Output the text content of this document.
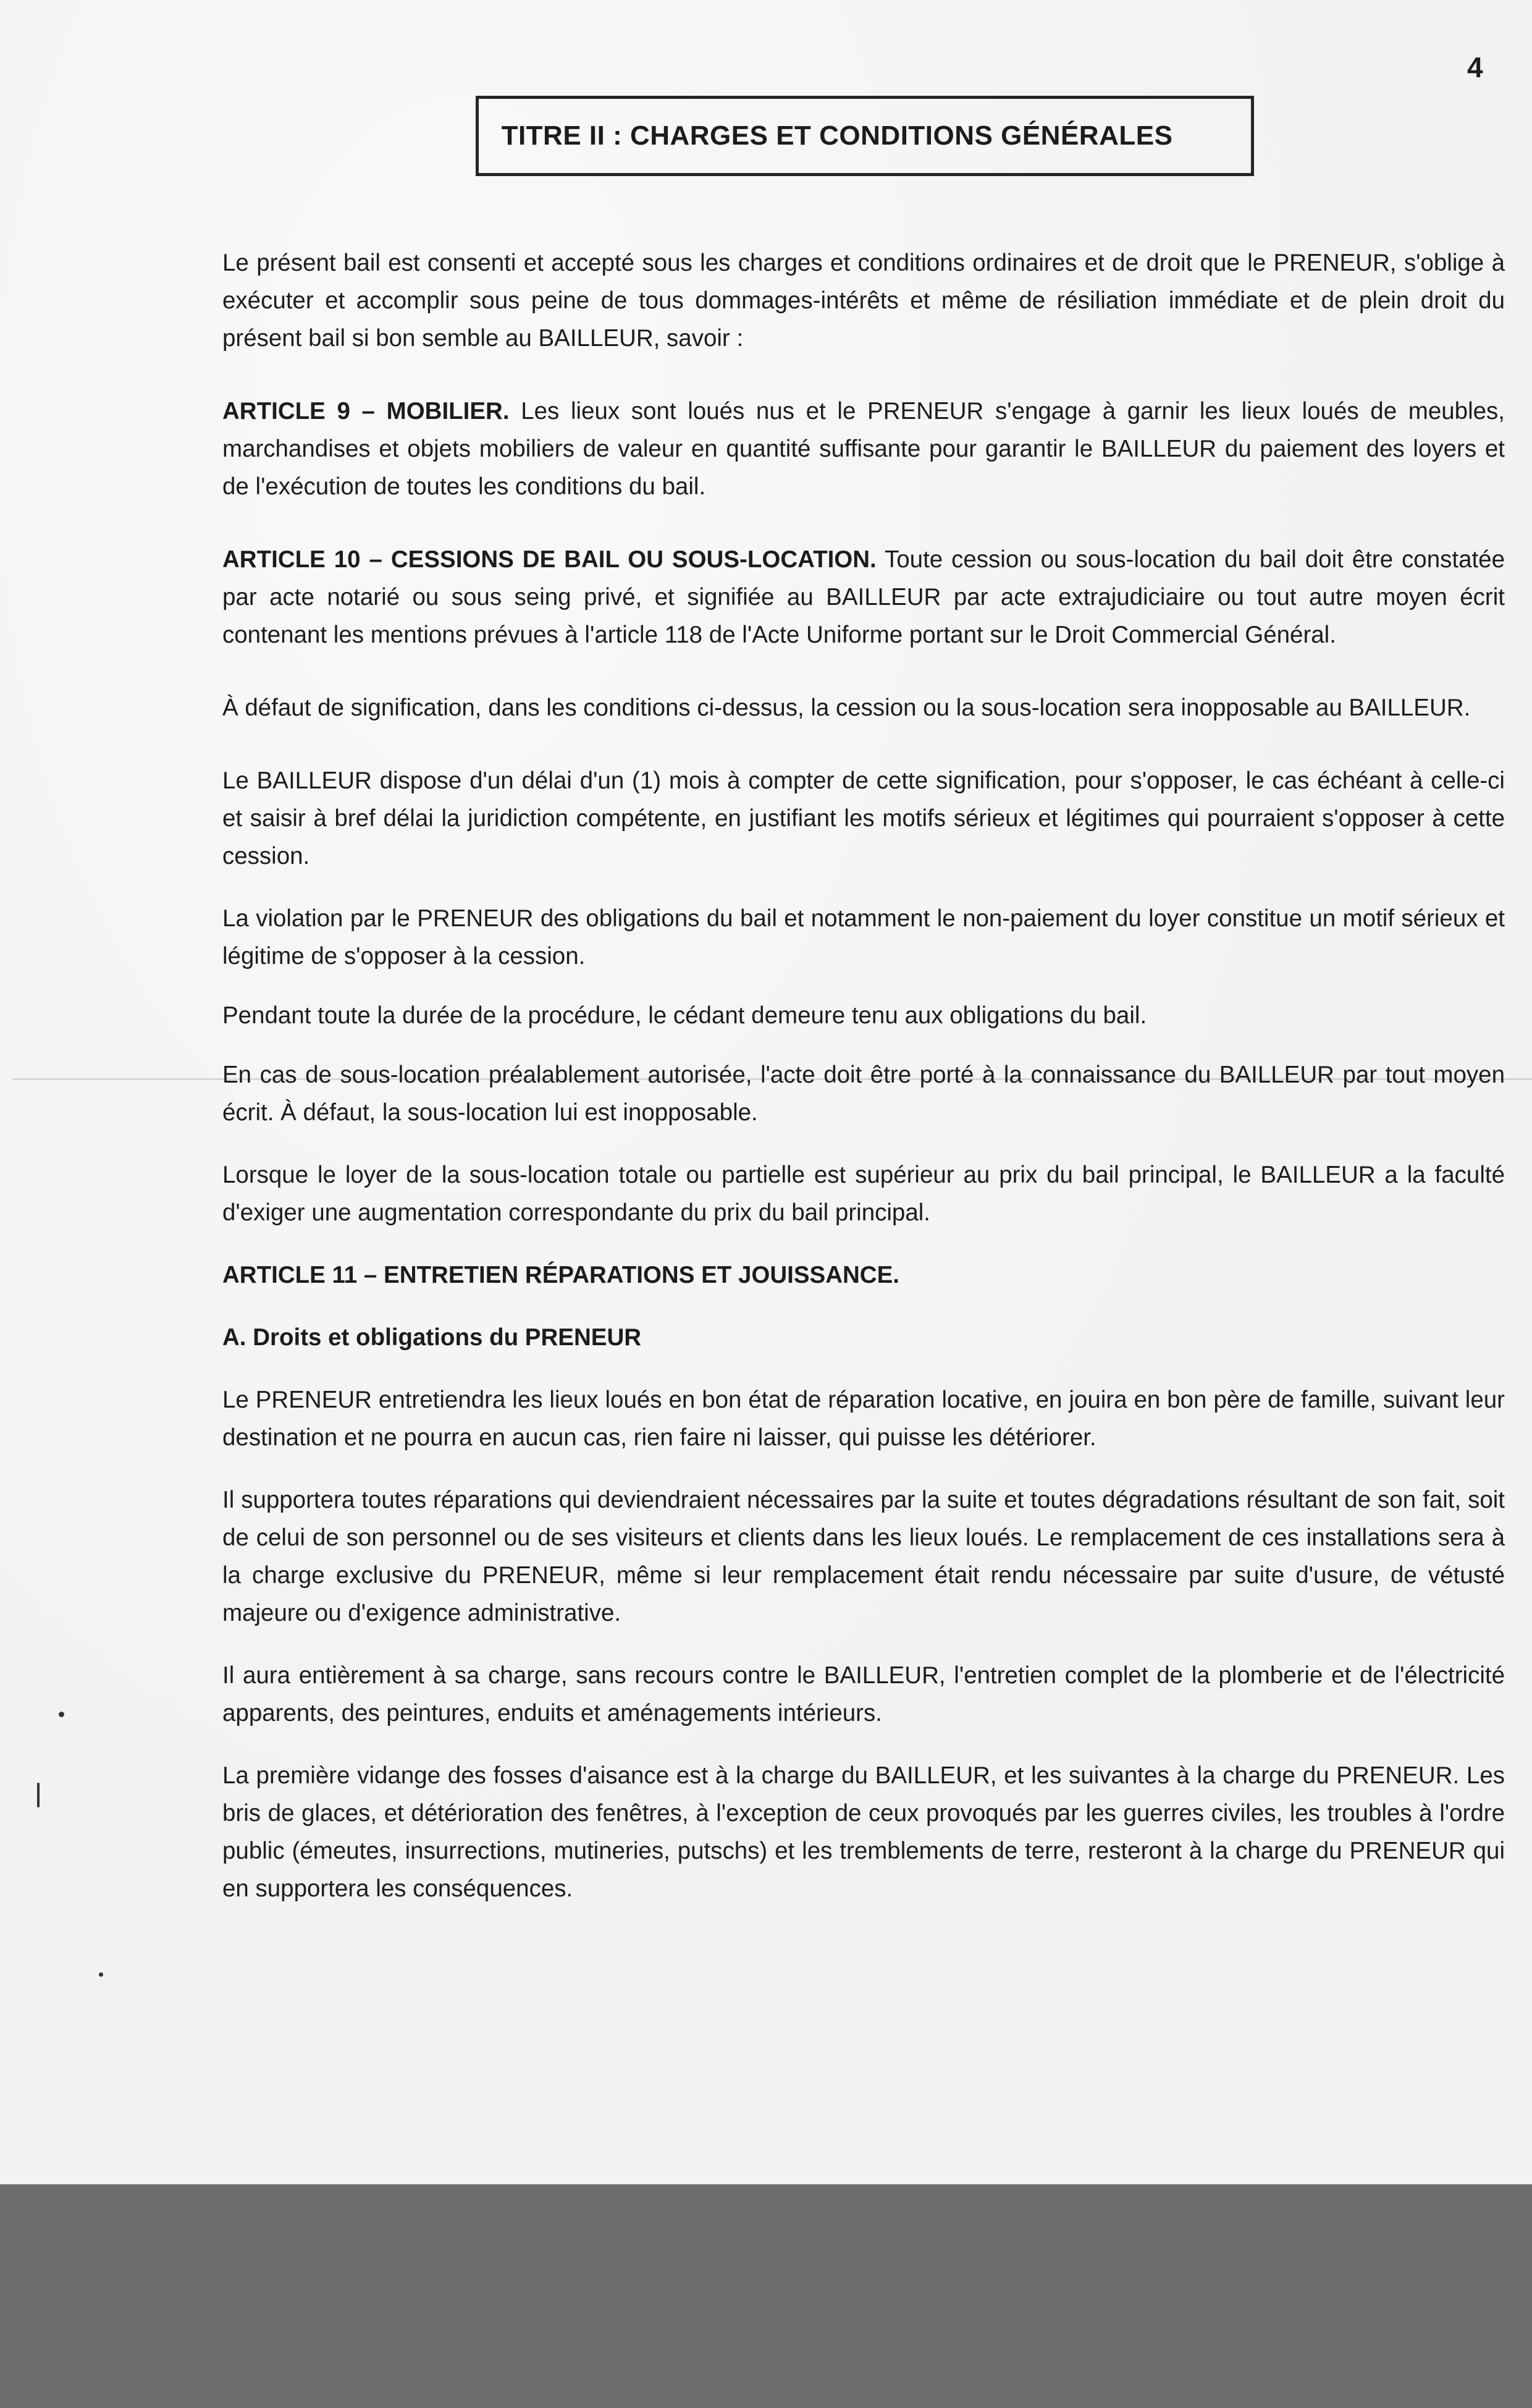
4
TITRE II : CHARGES ET CONDITIONS GÉNÉRALES

Le présent bail est consenti et accepté sous les charges et conditions ordinaires et de droit que le PRENEUR, s'oblige à exécuter et accomplir sous peine de tous dommages-intérêts et même de résiliation immédiate et de plein droit du présent bail si bon semble au BAILLEUR, savoir :

ARTICLE 9 – MOBILIER. Les lieux sont loués nus et le PRENEUR s'engage à garnir les lieux loués de meubles, marchandises et objets mobiliers de valeur en quantité suffisante pour garantir le BAILLEUR du paiement des loyers et de l'exécution de toutes les conditions du bail.

ARTICLE 10 – CESSIONS DE BAIL OU SOUS-LOCATION. Toute cession ou sous-location du bail doit être constatée par acte notarié ou sous seing privé, et signifiée au BAILLEUR par acte extrajudiciaire ou tout autre moyen écrit contenant les mentions prévues à l'article 118 de l'Acte Uniforme portant sur le Droit Commercial Général.

À défaut de signification, dans les conditions ci-dessus, la cession ou la sous-location sera inopposable au BAILLEUR.

Le BAILLEUR dispose d'un délai d'un (1) mois à compter de cette signification, pour s'opposer, le cas échéant à celle-ci et saisir à bref délai la juridiction compétente, en justifiant les motifs sérieux et légitimes qui pourraient s'opposer à cette cession.

La violation par le PRENEUR des obligations du bail et notamment le non-paiement du loyer constitue un motif sérieux et légitime de s'opposer à la cession.

Pendant toute la durée de la procédure, le cédant demeure tenu aux obligations du bail.

En cas de sous-location préalablement autorisée, l'acte doit être porté à la connaissance du BAILLEUR par tout moyen écrit. À défaut, la sous-location lui est inopposable.

Lorsque le loyer de la sous-location totale ou partielle est supérieur au prix du bail principal, le BAILLEUR a la faculté d'exiger une augmentation correspondante du prix du bail principal.

ARTICLE 11 – ENTRETIEN RÉPARATIONS ET JOUISSANCE.

A. Droits et obligations du PRENEUR

Le PRENEUR entretiendra les lieux loués en bon état de réparation locative, en jouira en bon père de famille, suivant leur destination et ne pourra en aucun cas, rien faire ni laisser, qui puisse les détériorer.

Il supportera toutes réparations qui deviendraient nécessaires par la suite et toutes dégradations résultant de son fait, soit de celui de son personnel ou de ses visiteurs et clients dans les lieux loués. Le remplacement de ces installations sera à la charge exclusive du PRENEUR, même si leur remplacement était rendu nécessaire par suite d'usure, de vétusté majeure ou d'exigence administrative.

Il aura entièrement à sa charge, sans recours contre le BAILLEUR, l'entretien complet de la plomberie et de l'électricité apparents, des peintures, enduits et aménagements intérieurs.

La première vidange des fosses d'aisance est à la charge du BAILLEUR, et les suivantes à la charge du PRENEUR. Les bris de glaces, et détérioration des fenêtres, à l'exception de ceux provoqués par les guerres civiles, les troubles à l'ordre public (émeutes, insurrections, mutineries, putschs) et les tremblements de terre, resteront à la charge du PRENEUR qui en supportera les conséquences.
